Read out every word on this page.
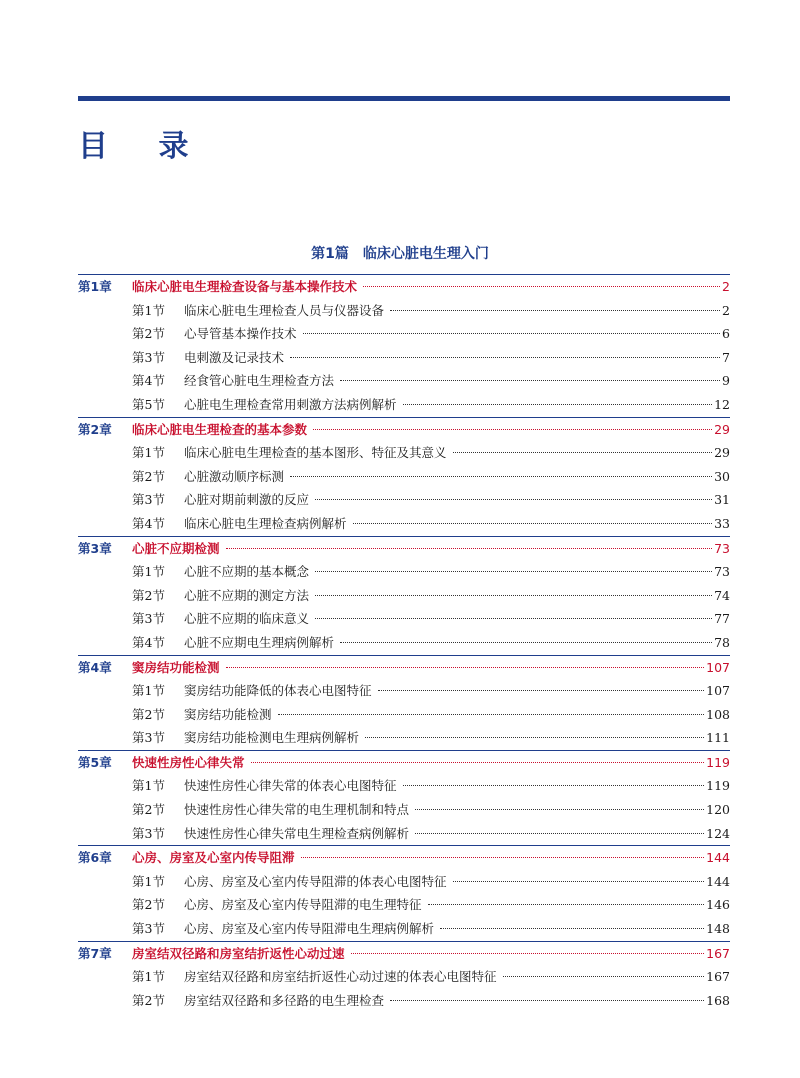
目 录
第1篇　临床心脏电生理入门
第1章	临床心脏电生理检查设备与基本操作技术	2
第1节	临床心脏电生理检查人员与仪器设备	2
第2节	心导管基本操作技术	6
第3节	电刺激及记录技术	7
第4节	经食管心脏电生理检查方法	9
第5节	心脏电生理检查常用刺激方法病例解析	12
第2章	临床心脏电生理检查的基本参数	29
第1节	临床心脏电生理检查的基本图形、特征及其意义	29
第2节	心脏激动顺序标测	30
第3节	心脏对期前刺激的反应	31
第4节	临床心脏电生理检查病例解析	33
第3章	心脏不应期检测	73
第1节	心脏不应期的基本概念	73
第2节	心脏不应期的测定方法	74
第3节	心脏不应期的临床意义	77
第4节	心脏不应期电生理病例解析	78
第4章	窦房结功能检测	107
第1节	窦房结功能降低的体表心电图特征	107
第2节	窦房结功能检测	108
第3节	窦房结功能检测电生理病例解析	111
第5章	快速性房性心律失常	119
第1节	快速性房性心律失常的体表心电图特征	119
第2节	快速性房性心律失常的电生理机制和特点	120
第3节	快速性房性心律失常电生理检查病例解析	124
第6章	心房、房室及心室内传导阻滞	144
第1节	心房、房室及心室内传导阻滞的体表心电图特征	144
第2节	心房、房室及心室内传导阻滞的电生理特征	146
第3节	心房、房室及心室内传导阻滞电生理病例解析	148
第7章	房室结双径路和房室结折返性心动过速	167
第1节	房室结双径路和房室结折返性心动过速的体表心电图特征	167
第2节	房室结双径路和多径路的电生理检查	168
